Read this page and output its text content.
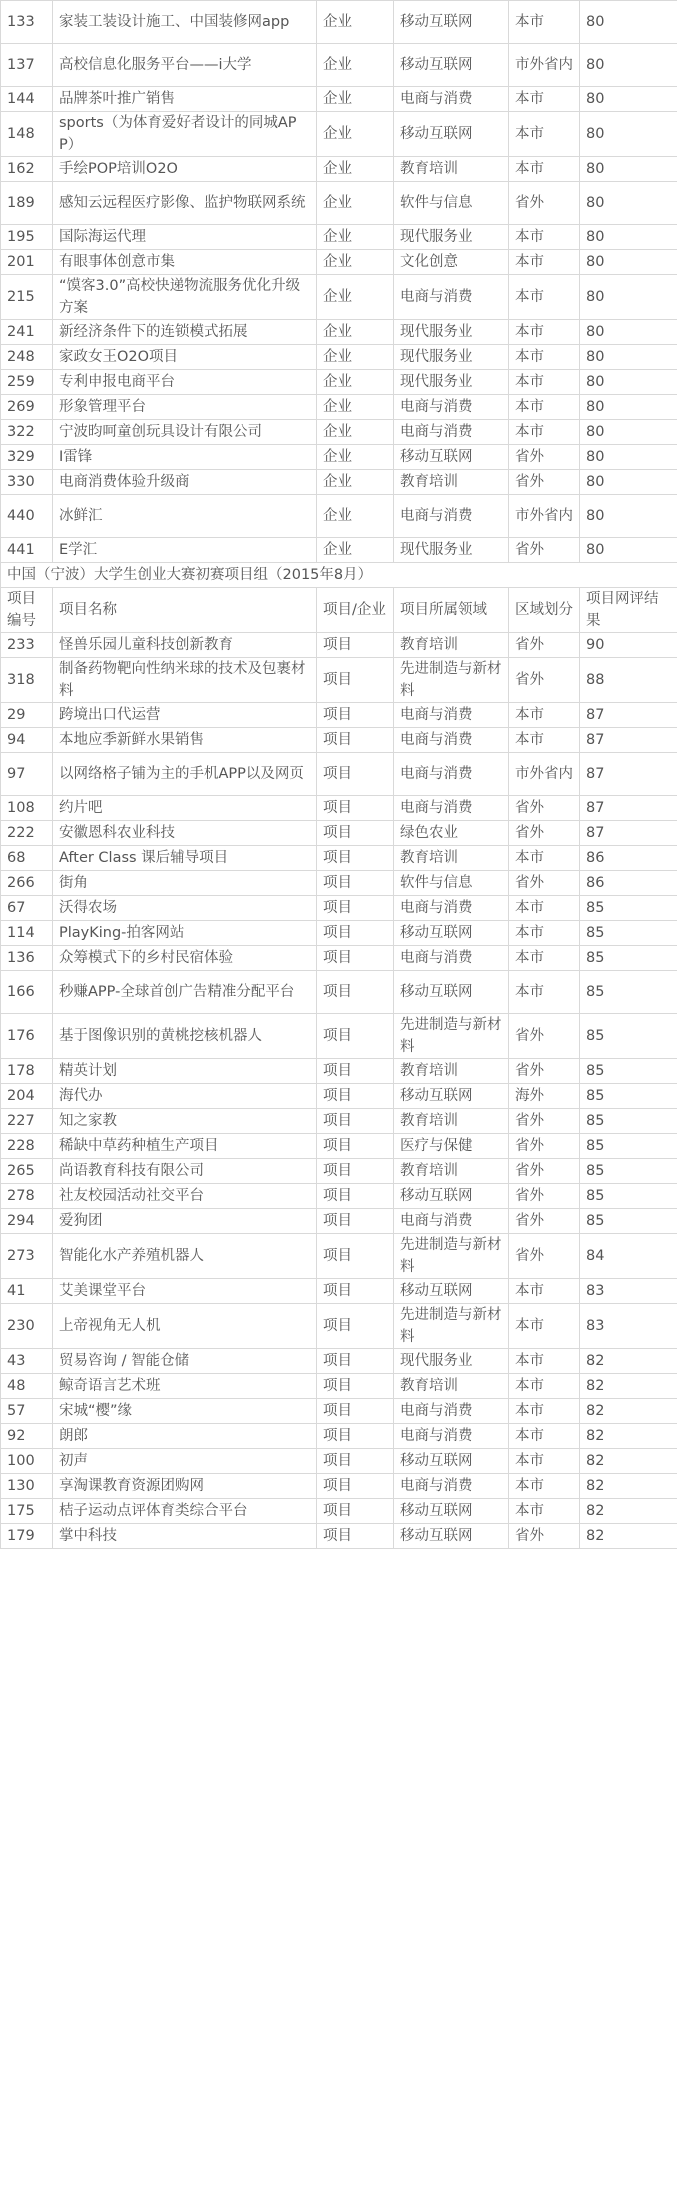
133	家装工装设计施工、中国装修网app	企业	移动互联网	本市	80
137	高校信息化服务平台——i大学	企业	移动互联网	市外省内	80
144	品牌茶叶推广销售	企业	电商与消费	本市	80
148	sports（为体育爱好者设计的同城APP）	企业	移动互联网	本市	80
162	手绘POP培训O2O	企业	教育培训	本市	80
189	感知云远程医疗影像、监护物联网系统	企业	软件与信息	省外	80
195	国际海运代理	企业	现代服务业	本市	80
201	有眼事体创意市集	企业	文化创意	本市	80
215	“馍客3.0”高校快递物流服务优化升级方案	企业	电商与消费	本市	80
241	新经济条件下的连锁模式拓展	企业	现代服务业	本市	80
248	家政女王O2O项目	企业	现代服务业	本市	80
259	专利申报电商平台	企业	现代服务业	本市	80
269	形象管理平台	企业	电商与消费	本市	80
322	宁波昀呵童创玩具设计有限公司	企业	电商与消费	本市	80
329	I雷锋	企业	移动互联网	省外	80
330	电商消费体验升级商	企业	教育培训	省外	80
440	冰鲜汇	企业	电商与消费	市外省内	80
441	E学汇	企业	现代服务业	省外	80
中国（宁波）大学生创业大赛初赛项目组（2015年8月）					
项目编号	项目名称	项目/企业	项目所属领域	区域划分	项目网评结果
233	怪兽乐园儿童科技创新教育	项目	教育培训	省外	90
318	制备药物靶向性纳米球的技术及包裹材料	项目	先进制造与新材料	省外	88
29	跨境出口代运营	项目	电商与消费	本市	87
94	本地应季新鲜水果销售	项目	电商与消费	本市	87
97	以网络格子铺为主的手机APP以及网页	项目	电商与消费	市外省内	87
108	约片吧	项目	电商与消费	省外	87
222	安徽恩科农业科技	项目	绿色农业	省外	87
68	After Class 课后辅导项目	项目	教育培训	本市	86
266	街角	项目	软件与信息	省外	86
67	沃得农场	项目	电商与消费	本市	85
114	PlayKing-拍客网站	项目	移动互联网	本市	85
136	众筹模式下的乡村民宿体验	项目	电商与消费	本市	85
166	秒赚APP-全球首创广告精准分配平台	项目	移动互联网	本市	85
176	基于图像识别的黄桃挖核机器人	项目	先进制造与新材料	省外	85
178	精英计划	项目	教育培训	省外	85
204	海代办	项目	移动互联网	海外	85
227	知之家教	项目	教育培训	省外	85
228	稀缺中草药种植生产项目	项目	医疗与保健	省外	85
265	尚语教育科技有限公司	项目	教育培训	省外	85
278	社友校园活动社交平台	项目	移动互联网	省外	85
294	爱狗团	项目	电商与消费	省外	85
273	智能化水产养殖机器人	项目	先进制造与新材料	省外	84
41	艾美课堂平台	项目	移动互联网	本市	83
230	上帝视角无人机	项目	先进制造与新材料	本市	83
43	贸易咨询 / 智能仓储	项目	现代服务业	本市	82
48	鲸奇语言艺术班	项目	教育培训	本市	82
57	宋城“樱”缘	项目	电商与消费	本市	82
92	朗郎	项目	电商与消费	本市	82
100	初声	项目	移动互联网	本市	82
130	享淘课教育资源团购网	项目	电商与消费	本市	82
175	桔子运动点评体育类综合平台	项目	移动互联网	本市	82
179	掌中科技	项目	移动互联网	省外	82
